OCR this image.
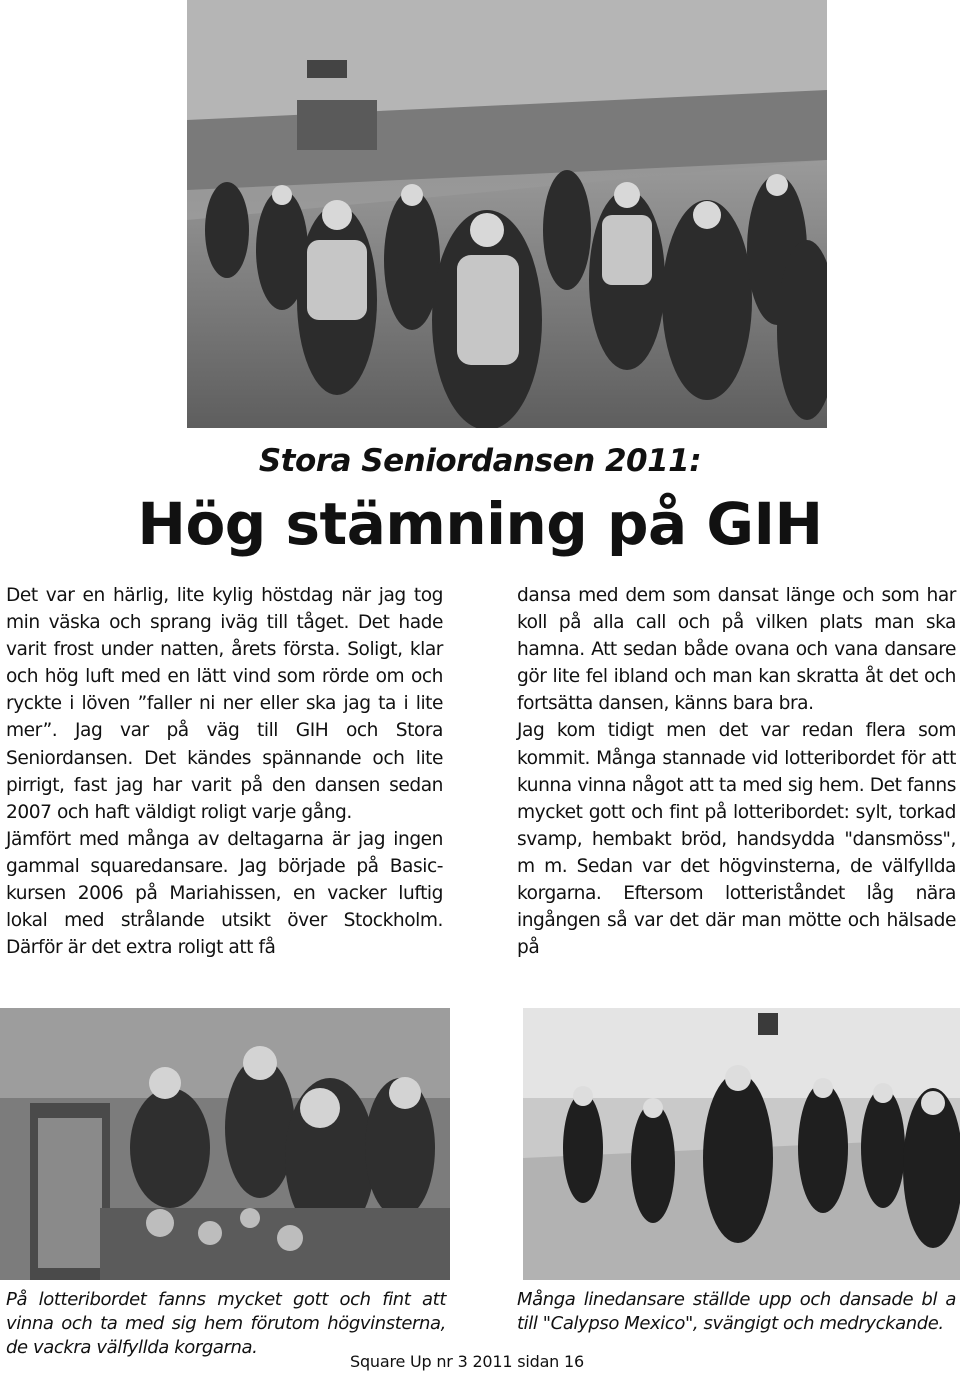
Stora Seniordansen 2011:
Hög stämning på GIH

Det var en härlig, lite kylig höstdag när jag tog min väska och sprang iväg till tåget. Det hade varit frost under natten, årets första. Soligt, klar och hög luft med en lätt vind som rörde om och ryckte i löven ”faller ni ner eller ska jag ta i lite mer”. Jag var på väg till GIH och Stora Seniordansen. Det kändes spännande och lite pirrigt, fast jag har varit på den dansen sedan 2007 och haft väldigt roligt varje gång.

Jämfört med många av deltagarna är jag ingen gammal squaredansare. Jag började på Basic-kursen 2006 på Mariahissen, en vacker luftig lokal med strålande utsikt över Stockholm. Därför är det extra roligt att få

dansa med dem som dansat länge och som har koll på alla call och på vilken plats man ska hamna. Att sedan både ovana och vana dansare gör lite fel ibland och man kan skratta åt det och fortsätta dansen, känns bara bra.

Jag kom tidigt men det var redan flera som kommit. Många stannade vid lotteribordet för att kunna vinna något att ta med sig hem. Det fanns mycket gott och fint på lotteribordet: sylt, torkad svamp, hembakt bröd, handsydda "dansmöss", m m. Sedan var det högvinsterna, de välfyllda korgarna. Eftersom lotteriståndet låg nära ingången så var det där man mötte och hälsade på

På lotteribordet fanns mycket gott och fint att vinna och ta med sig hem förutom högvinsterna, de vackra välfyllda korgarna.
Många linedansare ställde upp och dansade bl a till "Calypso Mexico", svängigt och medryckande.
Square Up nr 3 2011 sidan 16
